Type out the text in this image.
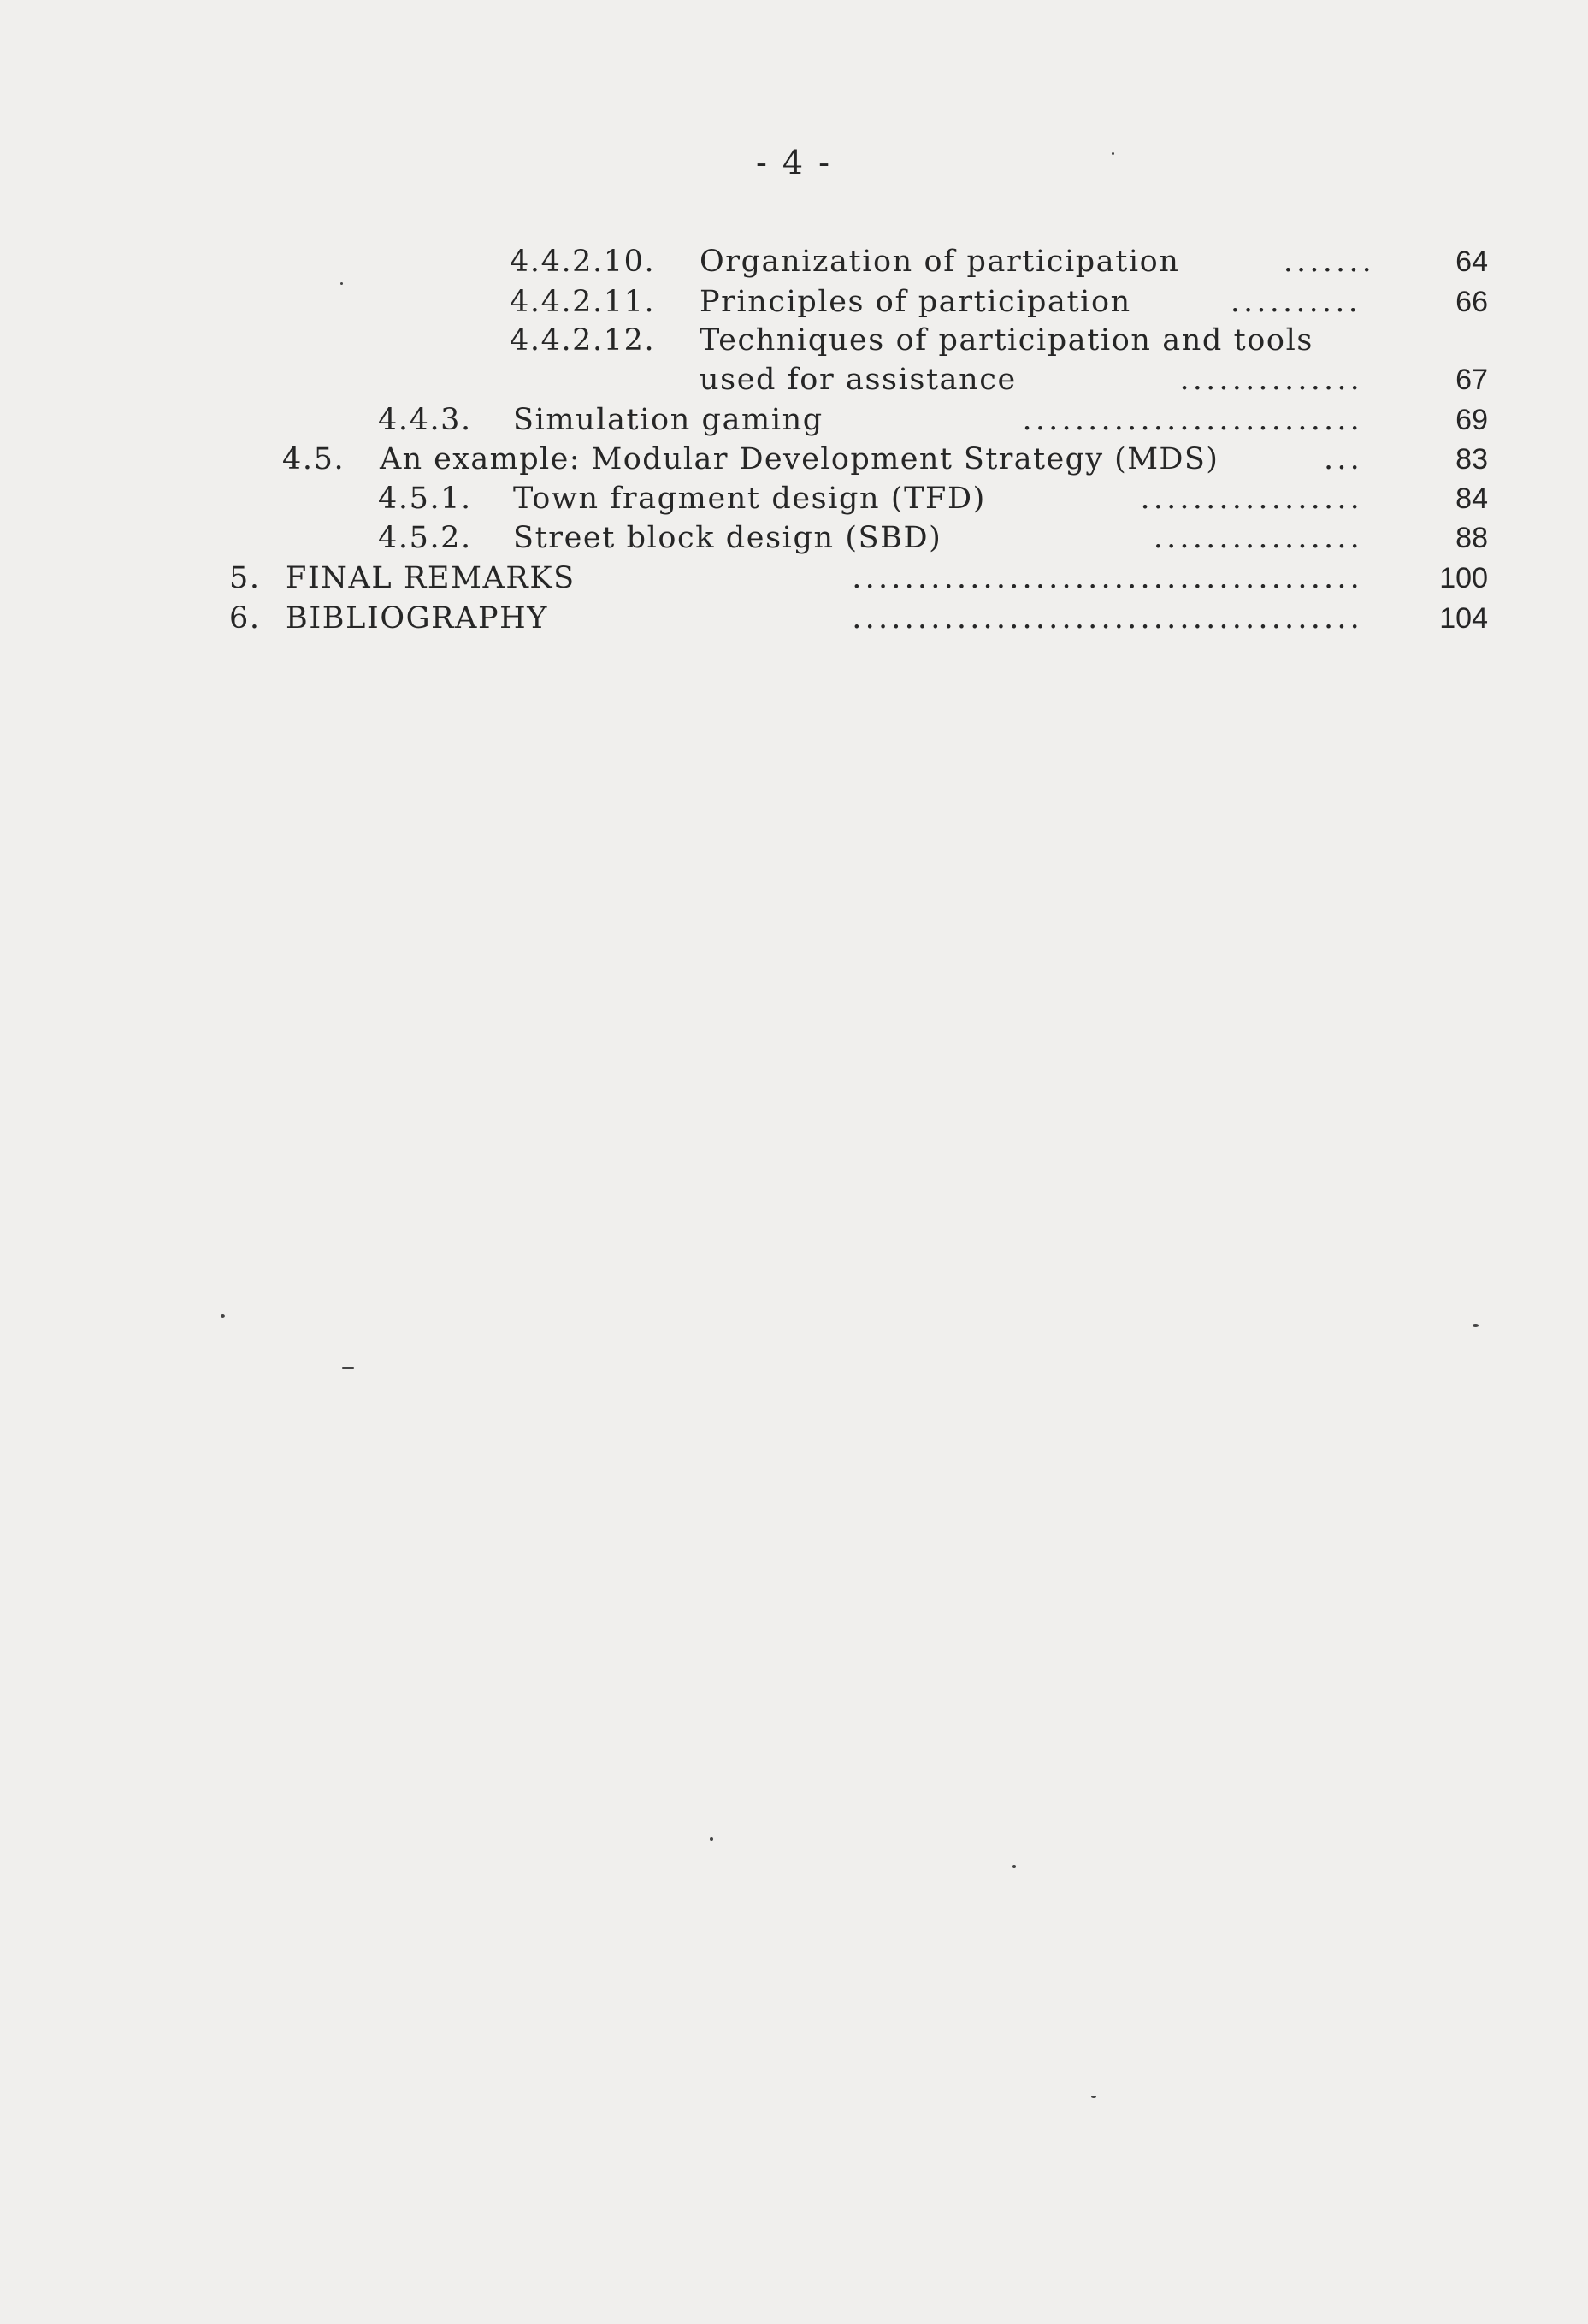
- 4 -
4.4.2.10. Organization of participation	.......	64
4.4.2.11. Principles of participation	..........	66
4.4.2.12. Techniques of participation and tools
used for assistance	..............	67
4.4.3. Simulation gaming	..........................	69
4.5. An example: Modular Development Strategy (MDS)	...	83
4.5.1. Town fragment design (TFD)	.................	84
4.5.2. Street block design (SBD)	................	88
5. FINAL REMARKS	.......................................	100
6. BIBLIOGRAPHY	.......................................	104
